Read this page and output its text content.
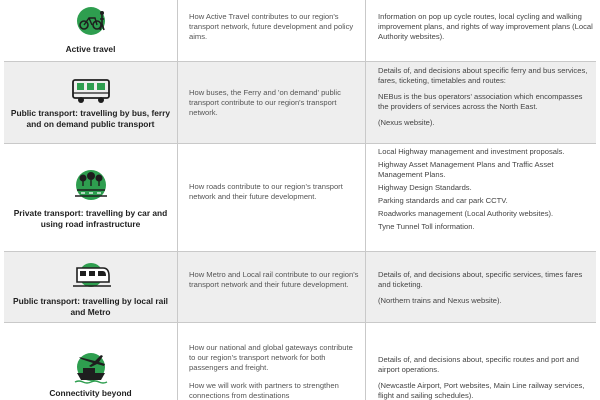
Active travel

How Active Travel contributes to our region's transport network, future development and policy aims.

Information on pop up cycle routes, local cycling and walking improvement plans, and rights of way improvement plans (Local Authority websites).

Public transport: travelling by bus, ferry and on demand public transport

How buses, the Ferry and 'on demand' public transport contribute to our region's transport network.

Details of, and decisions about specific ferry and bus services, fares, ticketing, timetables and routes:

NEBus is the bus operators' association which encompasses the providers of services across the North East.

(Nexus website).

Private transport: travelling by car and using road infrastructure

How roads contribute to our region's transport network and their future development.

Local Highway management and investment proposals.

Highway Asset Management Plans and Traffic Asset Management Plans.

Highway Design Standards.

Parking standards and car park CCTV.

Roadworks management (Local Authority websites).

Tyne Tunnel Toll information.

Public transport: travelling by local rail and Metro

How Metro and Local rail contribute to our region's transport network and their future development.

Details of, and decisions about, specific services, times fares and ticketing.

(Northern trains and Nexus website).

Connectivity beyond

How our national and global gateways contribute to our region's transport network for both passengers and freight.

How we will work with partners to strengthen connections from destinations

Details of, and decisions about, specific routes and port and airport operations.

(Newcastle Airport, Port websites, Main Line railway services, flight and sailing schedules).
